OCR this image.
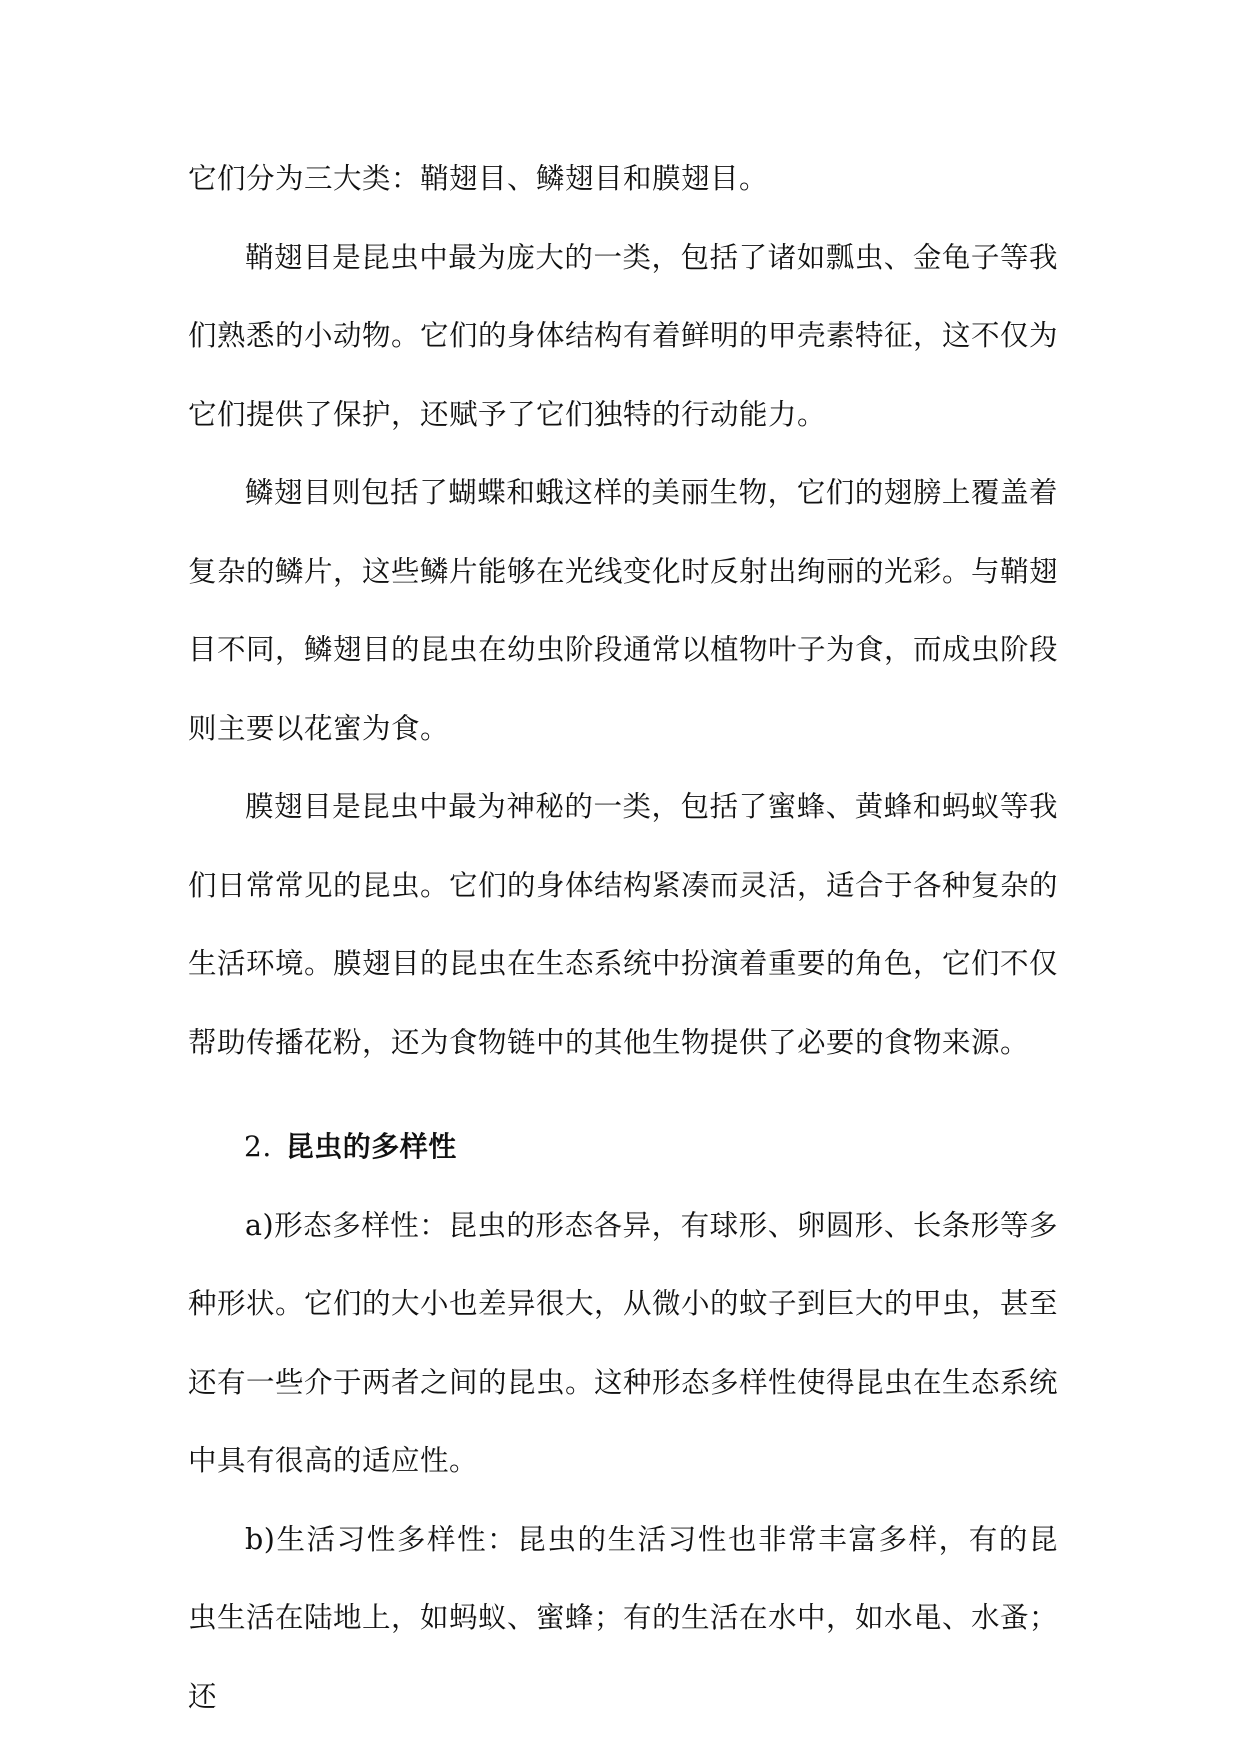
它们分为三大类：鞘翅目、鳞翅目和膜翅目。

鞘翅目是昆虫中最为庞大的一类，包括了诸如瓢虫、金龟子等我们熟悉的小动物。它们的身体结构有着鲜明的甲壳素特征，这不仅为它们提供了保护，还赋予了它们独特的行动能力。

鳞翅目则包括了蝴蝶和蛾这样的美丽生物，它们的翅膀上覆盖着复杂的鳞片，这些鳞片能够在光线变化时反射出绚丽的光彩。与鞘翅目不同，鳞翅目的昆虫在幼虫阶段通常以植物叶子为食，而成虫阶段则主要以花蜜为食。

膜翅目是昆虫中最为神秘的一类，包括了蜜蜂、黄蜂和蚂蚁等我们日常常见的昆虫。它们的身体结构紧凑而灵活，适合于各种复杂的生活环境。膜翅目的昆虫在生态系统中扮演着重要的角色，它们不仅帮助传播花粉，还为食物链中的其他生物提供了必要的食物来源。

2. 昆虫的多样性

a)形态多样性：昆虫的形态各异，有球形、卵圆形、长条形等多种形状。它们的大小也差异很大，从微小的蚊子到巨大的甲虫，甚至还有一些介于两者之间的昆虫。这种形态多样性使得昆虫在生态系统中具有很高的适应性。

b)生活习性多样性：昆虫的生活习性也非常丰富多样，有的昆虫生活在陆地上，如蚂蚁、蜜蜂；有的生活在水中，如水黾、水蚤；还
